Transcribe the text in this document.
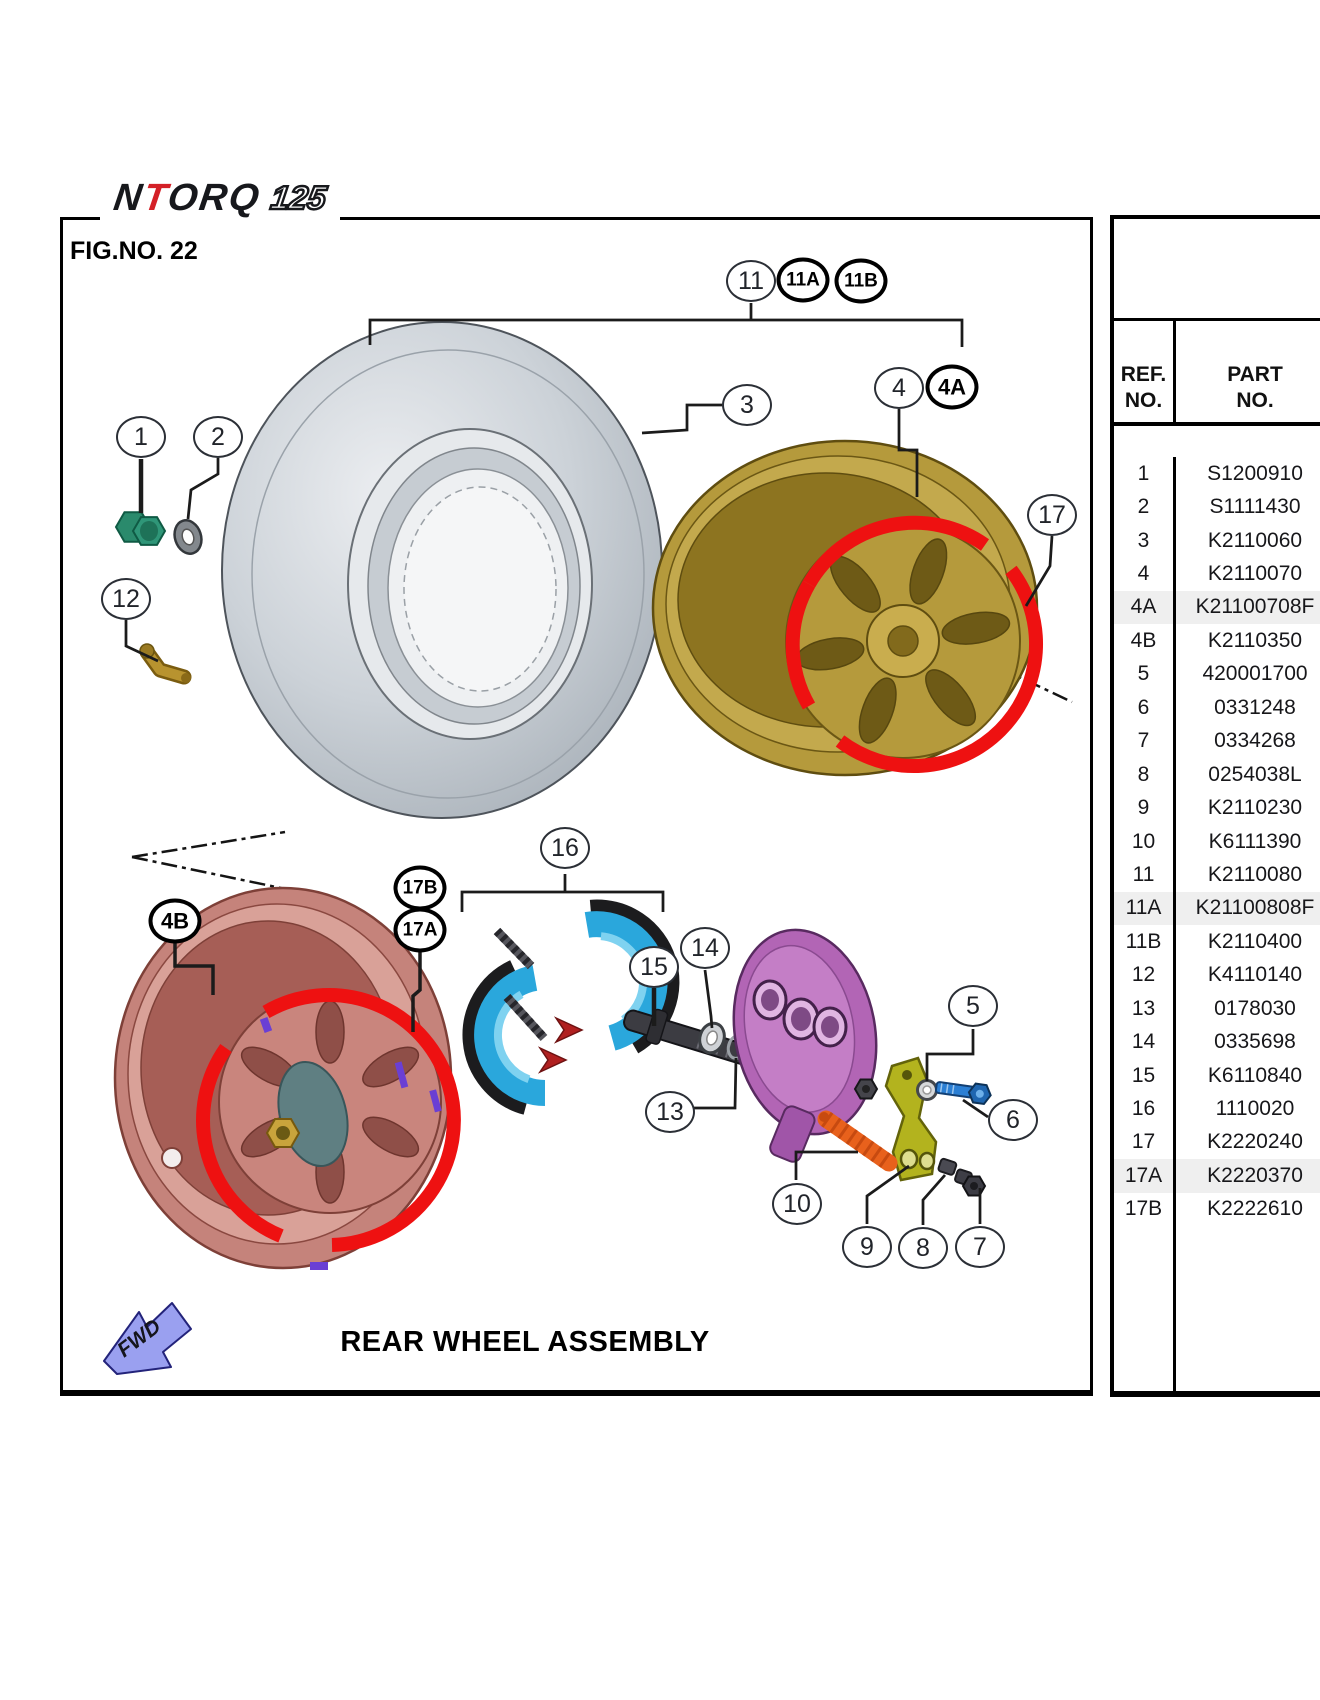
REF.
NO.
PART
NO.
1	S1200910
2	S1111430
3	K2110060
4	K2110070
4A	K21100708F
4B	K2110350
5	420001700
6	0331248
7	0334268
8	0254038L
9	K2110230
10	K6111390
11	K2110080
11A	K21100808F
11B	K2110400
12	K4110140
13	0178030
14	0335698
15	K6110840
16	1110020
17	K2220240
17A	K2220370
17B	K2222610
NTORQ 125
FIG.NO. 22
REAR WHEEL ASSEMBLY
FWD
1	2
3
4	4A
4B
5
6
7
8
9
10
11	11A	11B
12
13
14
15
16
17
17A
17B
